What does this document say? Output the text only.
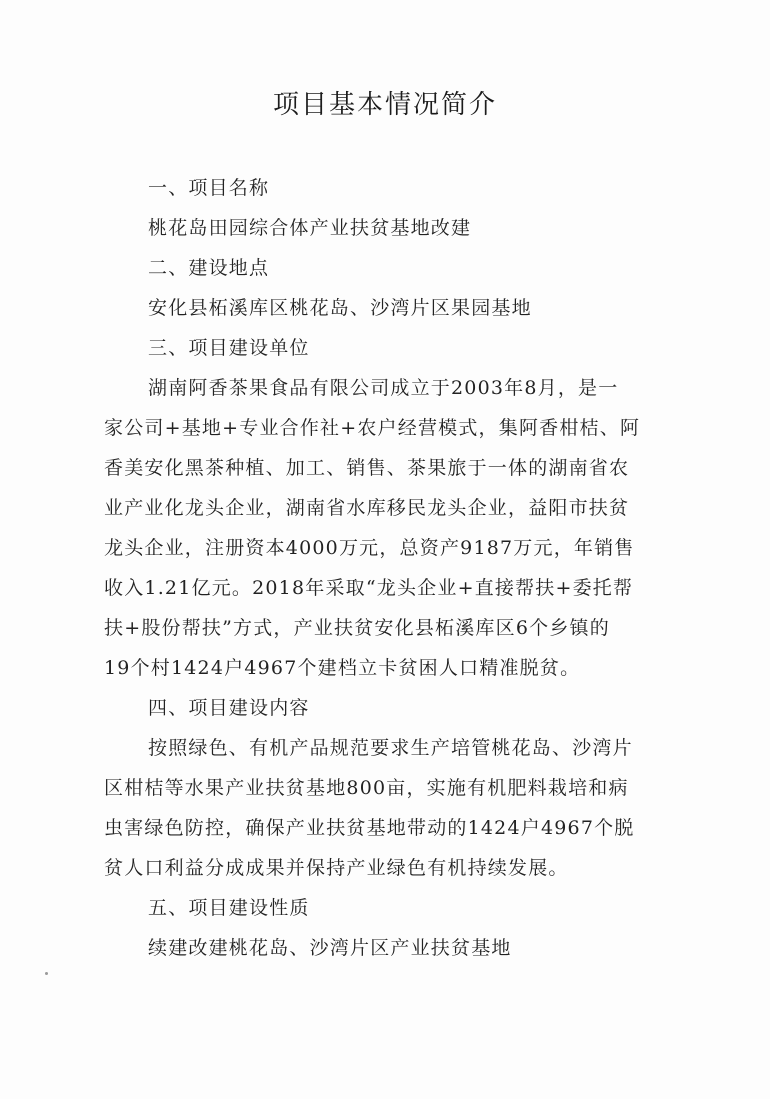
项目基本情况简介
一、项目名称
桃花岛田园综合体产业扶贫基地改建
二、建设地点
安化县柘溪库区桃花岛、沙湾片区果园基地
三、项目建设单位
湖南阿香茶果食品有限公司成立于2003年8月，是一
家公司+基地+专业合作社+农户经营模式，集阿香柑桔、阿
香美安化黑茶种植、加工、销售、茶果旅于一体的湖南省农
业产业化龙头企业，湖南省水库移民龙头企业，益阳市扶贫
龙头企业，注册资本4000万元，总资产9187万元，年销售
收入1.21亿元。2018年采取“龙头企业+直接帮扶+委托帮
扶+股份帮扶”方式，产业扶贫安化县柘溪库区6个乡镇的
19个村1424户4967个建档立卡贫困人口精准脱贫。
四、项目建设内容
按照绿色、有机产品规范要求生产培管桃花岛、沙湾片
区柑桔等水果产业扶贫基地800亩，实施有机肥料栽培和病
虫害绿色防控，确保产业扶贫基地带动的1424户4967个脱
贫人口利益分成成果并保持产业绿色有机持续发展。
五、项目建设性质
续建改建桃花岛、沙湾片区产业扶贫基地
